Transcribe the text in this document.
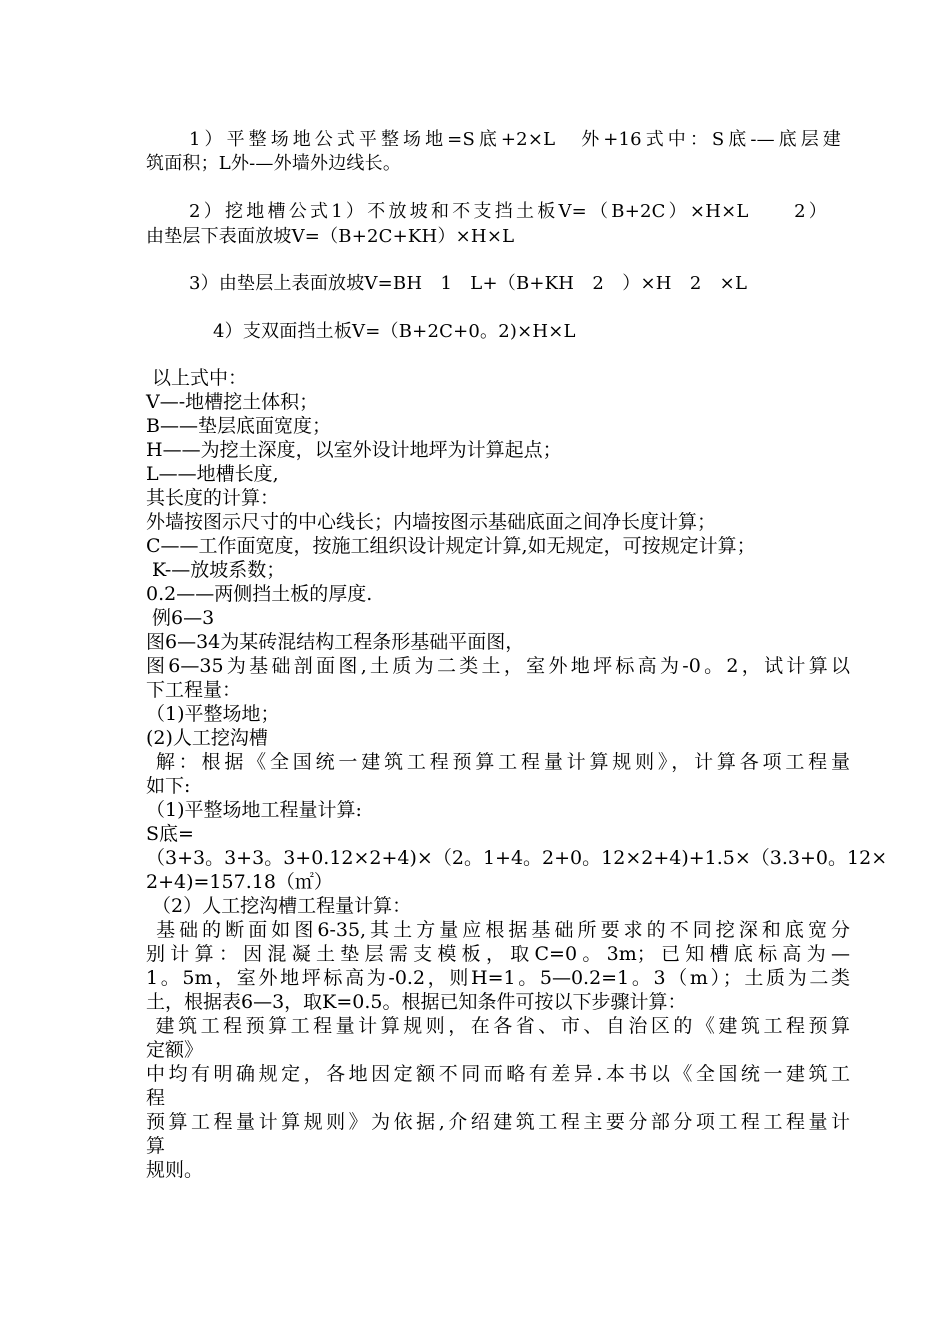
1）平整场地公式平整场地=S底+2×L　外+16式中：S底-—底层建
筑面积；L外-—外墙外边线长。
2）挖地槽公式1）不放坡和不支挡土板V=（B+2C）×H×L　　2）
由垫层下表面放坡V=（B+2C+KH）×H×L
3）由垫层上表面放坡V=BH　1　L+（B+KH　2　）×H　2　×L
4）支双面挡土板V=（B+2C+0。2)×H×L
以上式中：
V—-地槽挖土体积；
B——垫层底面宽度；
H——为挖土深度，以室外设计地坪为计算起点；
L——地槽长度,
其长度的计算：
外墙按图示尺寸的中心线长；内墙按图示基础底面之间净长度计算；
C——工作面宽度，按施工组织设计规定计算,如无规定，可按规定计算；
K-—放坡系数；
0.2——两侧挡土板的厚度.
例6—3
图6—34为某砖混结构工程条形基础平面图，
图6—35为基础剖面图,土质为二类土，室外地坪标高为-0。2，试计算以
下工程量：
（1)平整场地；
(2)人工挖沟槽
解：根据《全国统一建筑工程预算工程量计算规则》，计算各项工程量
如下:
（1)平整场地工程量计算:
S底=
（3+3。3+3。3+0.12×2+4)×（2。1+4。2+0。12×2+4)+1.5×（3.3+0。12×
2+4)=157.18（㎡）
（2）人工挖沟槽工程量计算：
基础的断面如图6-35,其土方量应根据基础所要求的不同挖深和底宽分
别计算：因混凝土垫层需支模板，取C=0。3m；已知槽底标高为—
1。5m，室外地坪标高为-0.2，则H=1。5—0.2=1。3（m）；土质为二类
土，根据表6—3，取K=0.5。根据已知条件可按以下步骤计算：
建筑工程预算工程量计算规则，在各省、市、自治区的《建筑工程预算
定额》
中均有明确规定，各地因定额不同而略有差异.本书以《全国统一建筑工
程
预算工程量计算规则》为依据,介绍建筑工程主要分部分项工程工程量计
算
规则。
